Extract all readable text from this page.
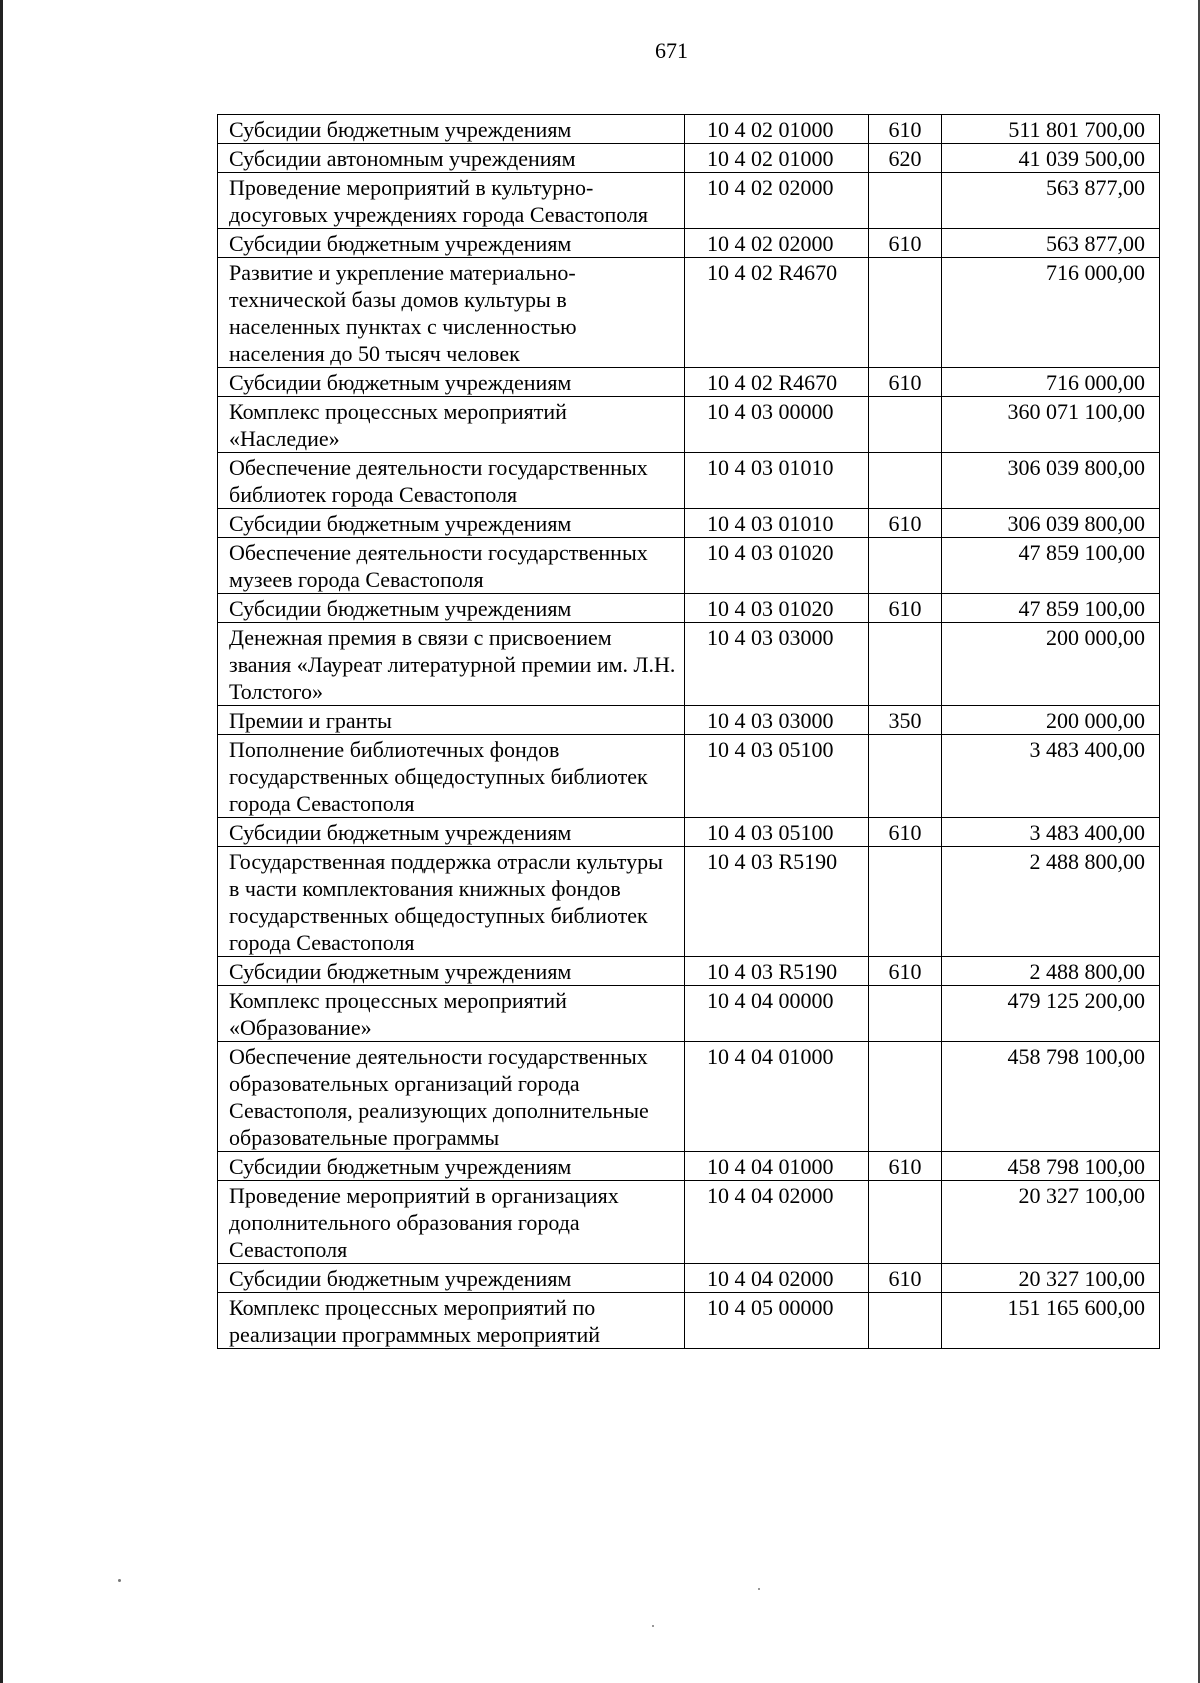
671
Субсидии бюджетным учреждениям	10 4 02 01000	610	511 801 700,00
Субсидии автономным учреждениям	10 4 02 01000	620	41 039 500,00
Проведение мероприятий в культурно-досуговых учреждениях города Севастополя	10 4 02 02000		563 877,00
Субсидии бюджетным учреждениям	10 4 02 02000	610	563 877,00
Развитие и укрепление материально-технической базы домов культуры в населенных пунктах с численностью населения до 50 тысяч человек	10 4 02 R4670		716 000,00
Субсидии бюджетным учреждениям	10 4 02 R4670	610	716 000,00
Комплекс процессных мероприятий «Наследие»	10 4 03 00000		360 071 100,00
Обеспечение деятельности государственных библиотек города Севастополя	10 4 03 01010		306 039 800,00
Субсидии бюджетным учреждениям	10 4 03 01010	610	306 039 800,00
Обеспечение деятельности государственных музеев города Севастополя	10 4 03 01020		47 859 100,00
Субсидии бюджетным учреждениям	10 4 03 01020	610	47 859 100,00
Денежная премия в связи с присвоением звания «Лауреат литературной премии им. Л.Н. Толстого»	10 4 03 03000		200 000,00
Премии и гранты	10 4 03 03000	350	200 000,00
Пополнение библиотечных фондов государственных общедоступных библиотек города Севастополя	10 4 03 05100		3 483 400,00
Субсидии бюджетным учреждениям	10 4 03 05100	610	3 483 400,00
Государственная поддержка отрасли культуры в части комплектования книжных фондов государственных общедоступных библиотек города Севастополя	10 4 03 R5190		2 488 800,00
Субсидии бюджетным учреждениям	10 4 03 R5190	610	2 488 800,00
Комплекс процессных мероприятий «Образование»	10 4 04 00000		479 125 200,00
Обеспечение деятельности государственных образовательных организаций города Севастополя, реализующих дополнительные образовательные программы	10 4 04 01000		458 798 100,00
Субсидии бюджетным учреждениям	10 4 04 01000	610	458 798 100,00
Проведение мероприятий в организациях дополнительного образования города Севастополя	10 4 04 02000		20 327 100,00
Субсидии бюджетным учреждениям	10 4 04 02000	610	20 327 100,00
Комплекс процессных мероприятий по реализации программных мероприятий	10 4 05 00000		151 165 600,00
